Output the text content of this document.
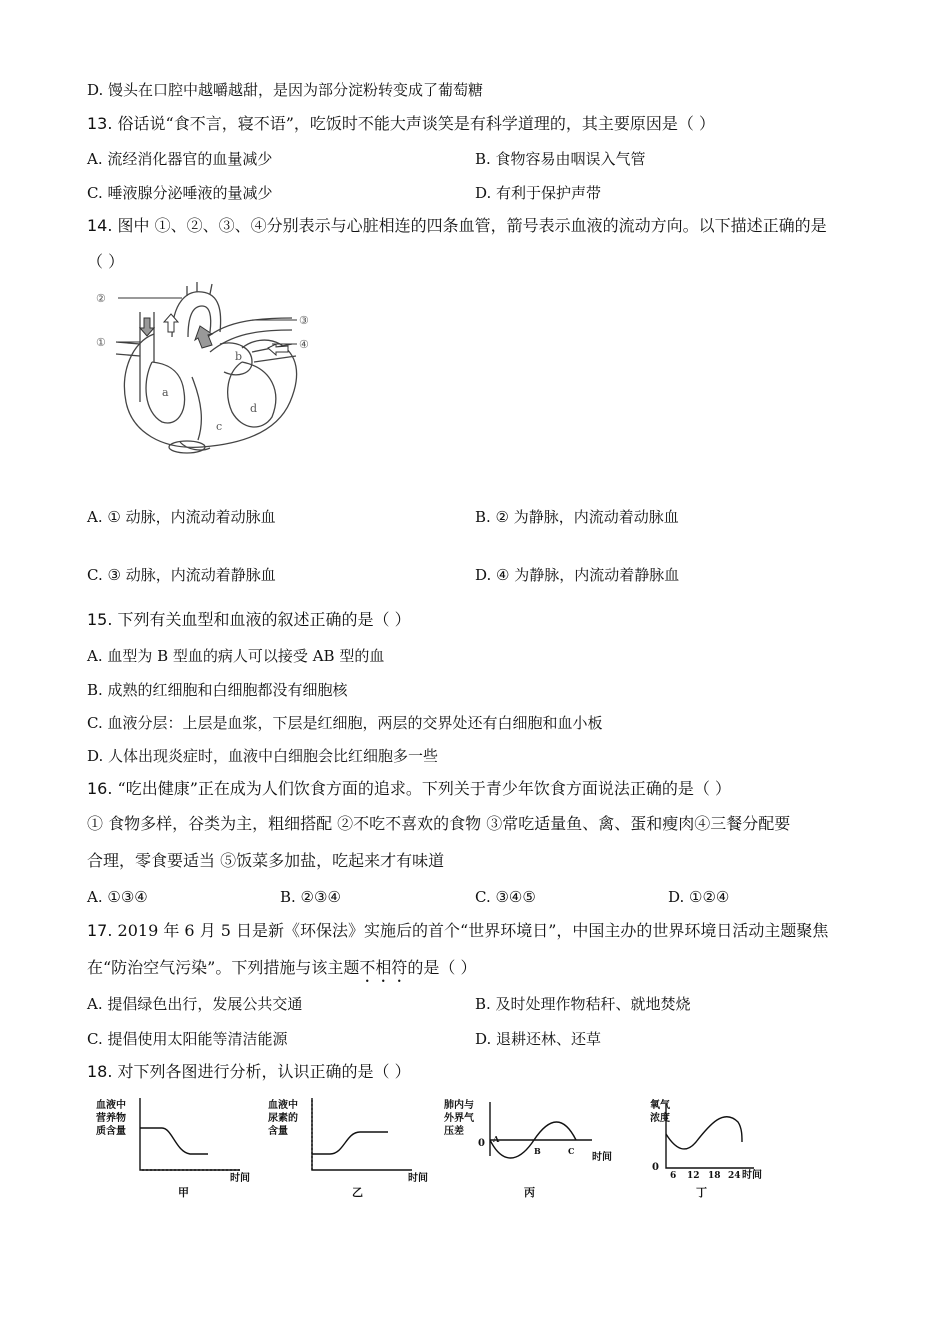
D. 馒头在口腔中越嚼越甜，是因为部分淀粉转变成了葡萄糖
13. 俗话说“食不言，寝不语”，吃饭时不能大声谈笑是有科学道理的，其主要原因是（ ）
A. 流经消化器官的血量减少	B. 食物容易由咽误入气管
C. 唾液腺分泌唾液的量减少	D. 有利于保护声带
14. 图中 ①、②、③、④分别表示与心脏相连的四条血管，箭号表示血液的流动方向。以下描述正确的是
（ ）
②
①
③
④
a
b
c
d
A. ① 动脉，内流动着动脉血	B. ② 为静脉，内流动着动脉血
C. ③ 动脉，内流动着静脉血	D. ④ 为静脉，内流动着静脉血
15. 下列有关血型和血液的叙述正确的是（ ）
A. 血型为 B 型血的病人可以接受 AB 型的血
B. 成熟的红细胞和白细胞都没有细胞核
C. 血液分层：上层是血浆，下层是红细胞，两层的交界处还有白细胞和血小板
D. 人体出现炎症时，血液中白细胞会比红细胞多一些
16. “吃出健康”正在成为人们饮食方面的追求。下列关于青少年饮食方面说法正确的是（ ）
① 食物多样，谷类为主，粗细搭配 ②不吃不喜欢的食物 ③常吃适量鱼、禽、蛋和瘦肉④三餐分配要
合理，零食要适当 ⑤饭菜多加盐，吃起来才有味道
A. ①③④	B. ②③④	C. ③④⑤	D. ①②④
17. 2019 年 6 月 5 日是新《环保法》实施后的首个“世界环境日”，中国主办的世界环境日活动主题聚焦
在“防治空气污染”。下列措施与该主题不相符的是（ ）
A. 提倡绿色出行，发展公共交通	B. 及时处理作物秸秆、就地焚烧
C. 提倡使用太阳能等清洁能源	D. 退耕还林、还草
18. 对下列各图进行分析，认识正确的是（ ）
血液中
营养物
质含量
时间
甲
血液中
尿素的
含量
时间
乙
肺内与
外界气
压差
0 A
B	C
时间
丙
氧气
浓度
0
6 12 18 24 时间
丁
